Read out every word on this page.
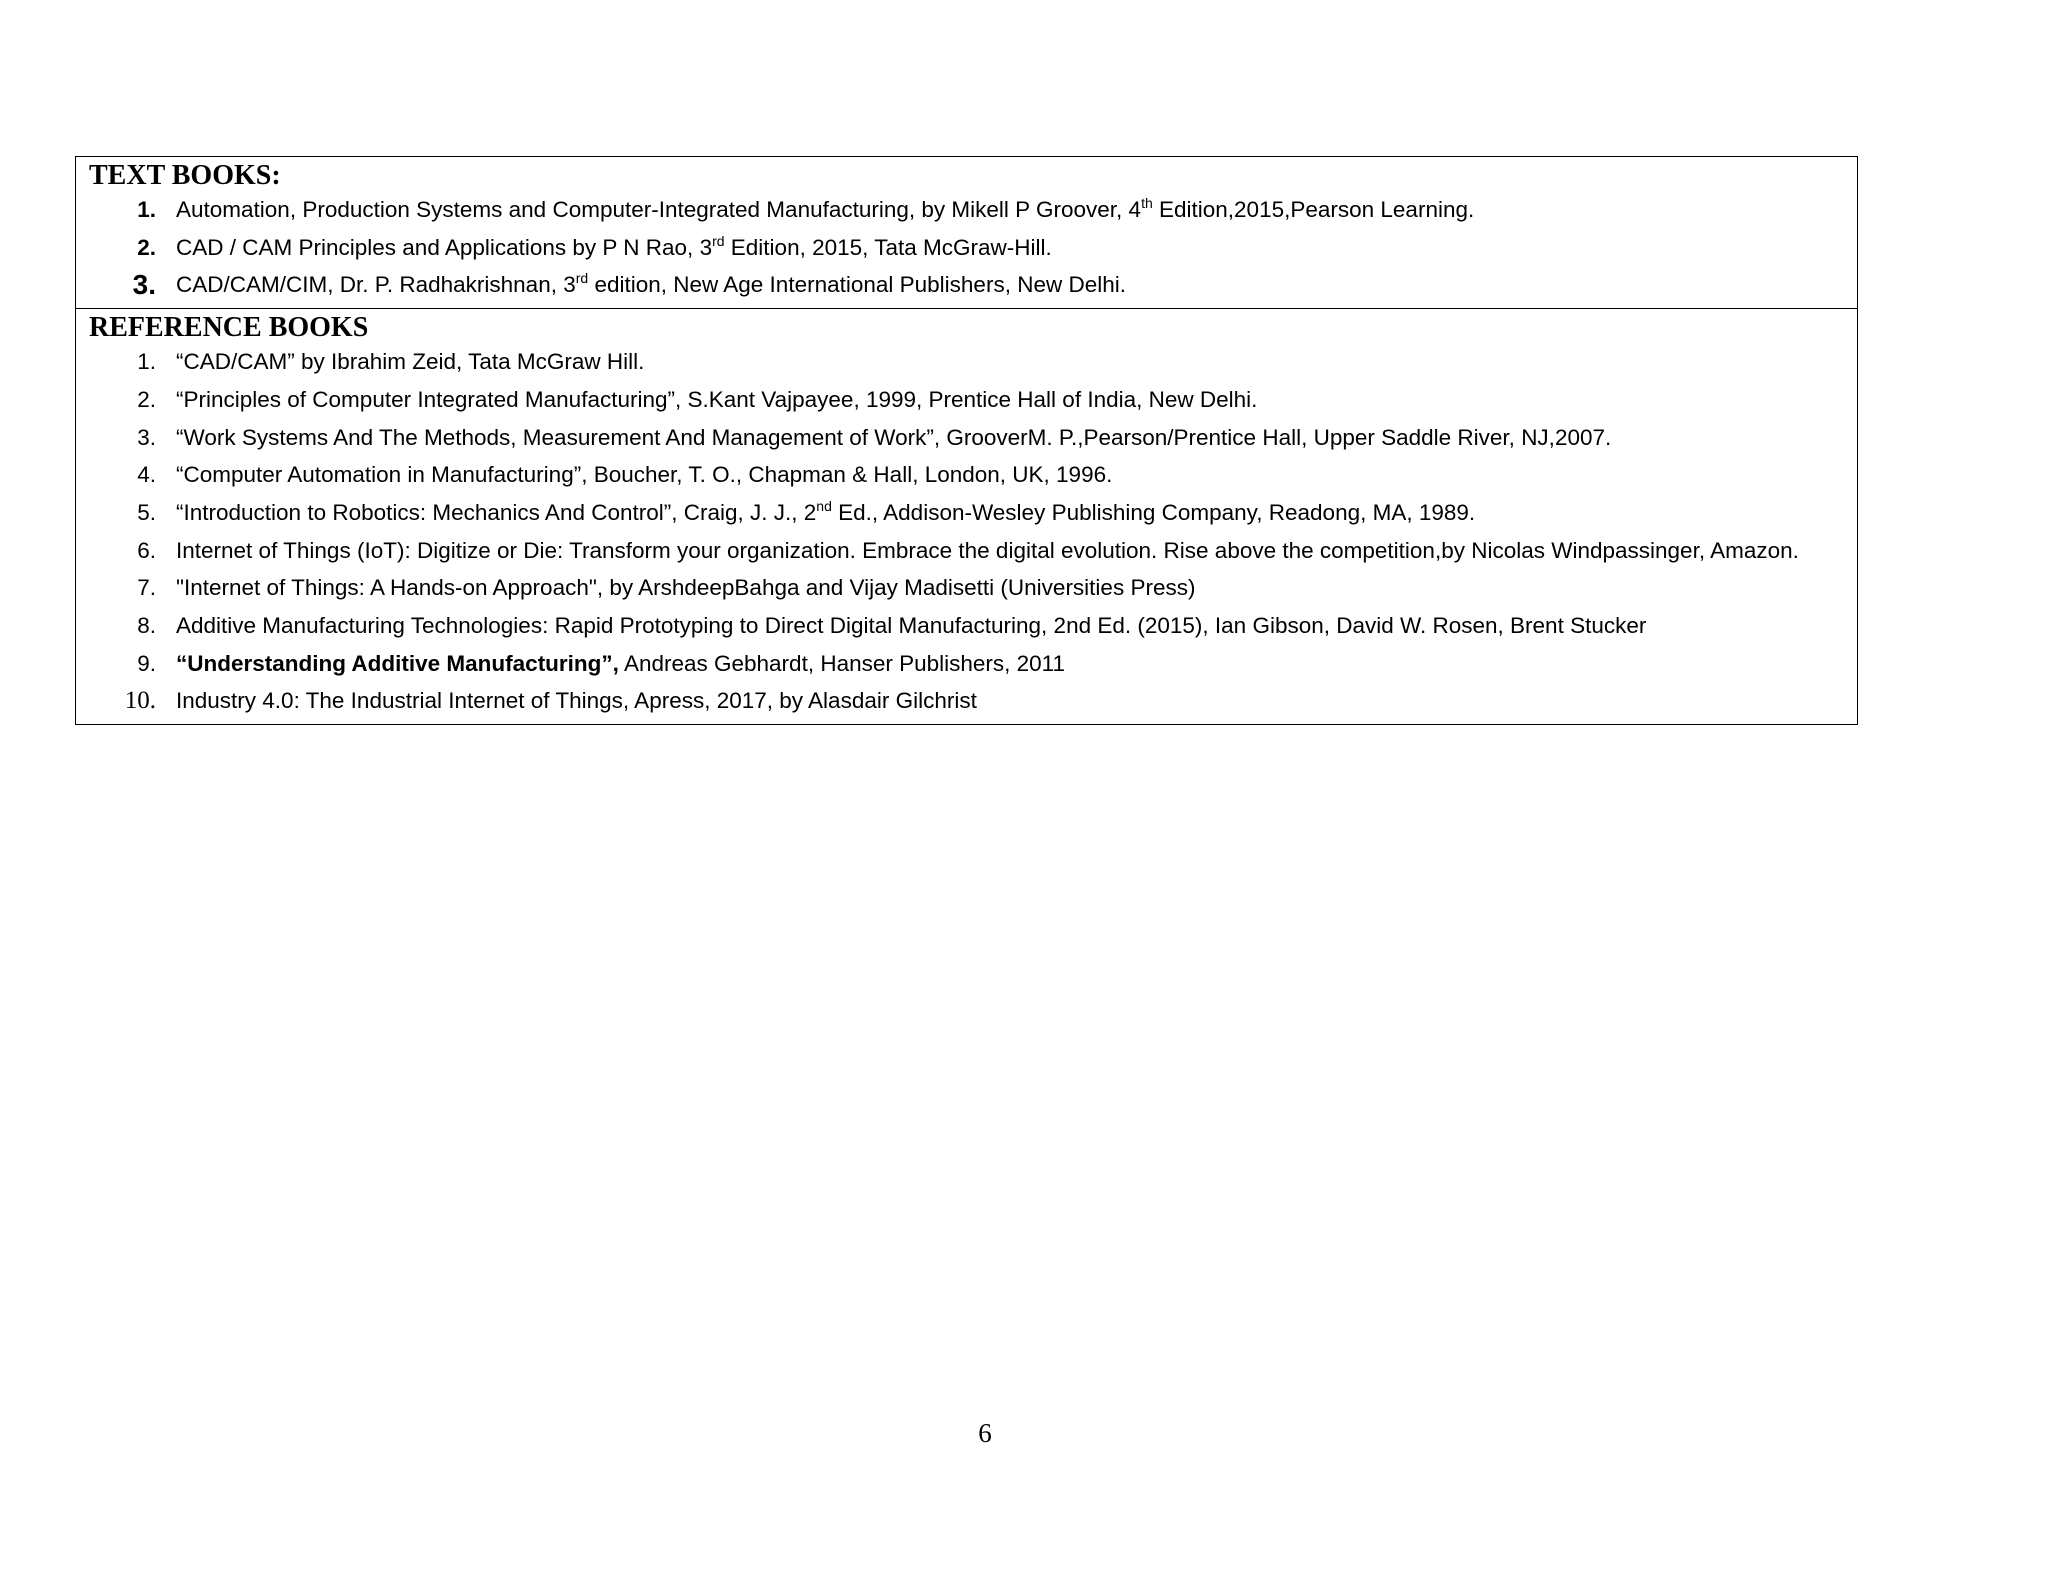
TEXT BOOKS:
1. Automation, Production Systems and Computer-Integrated Manufacturing, by Mikell P Groover, 4th Edition,2015,Pearson Learning.
2. CAD / CAM Principles and Applications by P N Rao, 3rd Edition, 2015, Tata McGraw-Hill.
3. CAD/CAM/CIM, Dr. P. Radhakrishnan, 3rd edition, New Age International Publishers, New Delhi.

REFERENCE BOOKS
1. “CAD/CAM” by Ibrahim Zeid, Tata McGraw Hill.
2. “Principles of Computer Integrated Manufacturing”, S.Kant Vajpayee, 1999, Prentice Hall of India, New Delhi.
3. “Work Systems And The Methods, Measurement And Management of Work”, GrooverM. P.,Pearson/Prentice Hall, Upper Saddle River, NJ,2007.
4. “Computer Automation in Manufacturing”, Boucher, T. O., Chapman & Hall, London, UK, 1996.
5. “Introduction to Robotics: Mechanics And Control”, Craig, J. J., 2nd Ed., Addison-Wesley Publishing Company, Readong, MA, 1989.
6. Internet of Things (IoT): Digitize or Die: Transform your organization. Embrace the digital evolution. Rise above the competition,by Nicolas Windpassinger, Amazon.
7. "Internet of Things: A Hands-on Approach", by ArshdeepBahga and Vijay Madisetti (Universities Press)
8. Additive Manufacturing Technologies: Rapid Prototyping to Direct Digital Manufacturing, 2nd Ed. (2015), Ian Gibson, David W. Rosen, Brent Stucker
9. “Understanding Additive Manufacturing”, Andreas Gebhardt, Hanser Publishers, 2011
10. Industry 4.0: The Industrial Internet of Things, Apress, 2017, by Alasdair Gilchrist
6
